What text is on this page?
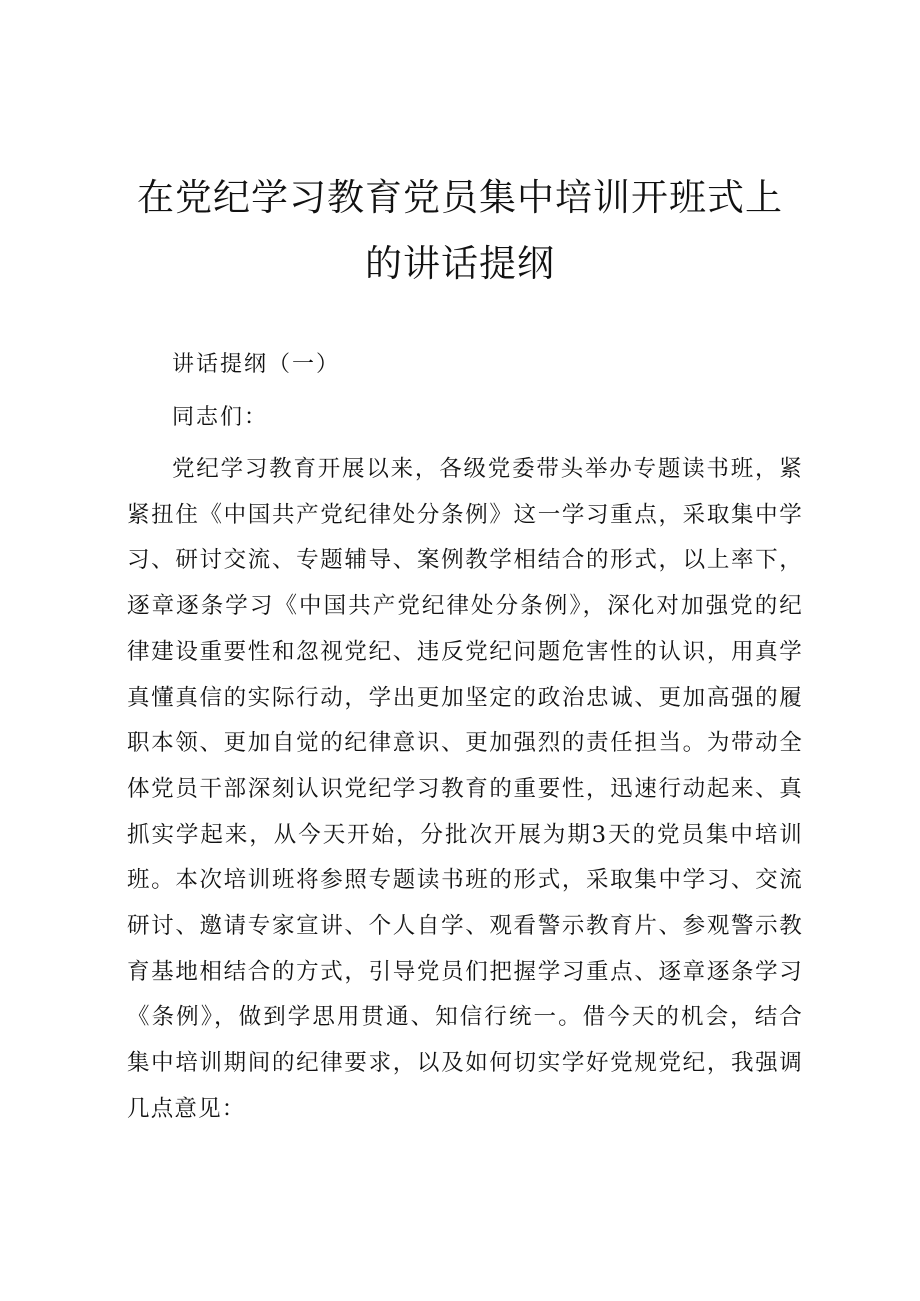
在党纪学习教育党员集中培训开班式上
的讲话提纲
讲话提纲（一）
同志们：

党纪学习教育开展以来，各级党委带头举办专题读书班，紧紧扭住《中国共产党纪律处分条例》这一学习重点，采取集中学习、研讨交流、专题辅导、案例教学相结合的形式，以上率下，逐章逐条学习《中国共产党纪律处分条例》，深化对加强党的纪律建设重要性和忽视党纪、违反党纪问题危害性的认识，用真学真懂真信的实际行动，学出更加坚定的政治忠诚、更加高强的履职本领、更加自觉的纪律意识、更加强烈的责任担当。为带动全体党员干部深刻认识党纪学习教育的重要性，迅速行动起来、真抓实学起来，从今天开始，分批次开展为期3天的党员集中培训班。本次培训班将参照专题读书班的形式，采取集中学习、交流研讨、邀请专家宣讲、个人自学、观看警示教育片、参观警示教育基地相结合的方式，引导党员们把握学习重点、逐章逐条学习《条例》，做到学思用贯通、知信行统一。借今天的机会，结合集中培训期间的纪律要求，以及如何切实学好党规党纪，我强调几点意见：
